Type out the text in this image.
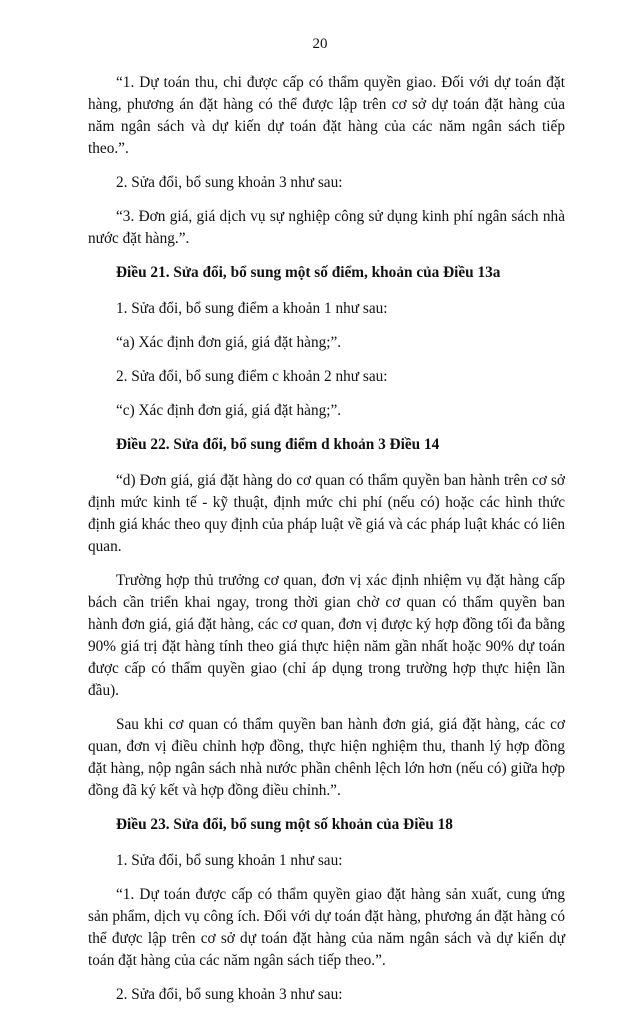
20

“1. Dự toán thu, chi được cấp có thẩm quyền giao. Đối với dự toán đặt hàng, phương án đặt hàng có thể được lập trên cơ sở dự toán đặt hàng của năm ngân sách và dự kiến dự toán đặt hàng của các năm ngân sách tiếp theo.”.

2. Sửa đổi, bổ sung khoản 3 như sau:

“3. Đơn giá, giá dịch vụ sự nghiệp công sử dụng kinh phí ngân sách nhà nước đặt hàng.”.

Điều 21. Sửa đổi, bổ sung một số điểm, khoản của Điều 13a

1. Sửa đổi, bổ sung điểm a khoản 1 như sau:

“a) Xác định đơn giá, giá đặt hàng;”.

2. Sửa đổi, bổ sung điểm c khoản 2 như sau:

“c) Xác định đơn giá, giá đặt hàng;”.

Điều 22. Sửa đổi, bổ sung điểm d khoản 3 Điều 14

“d) Đơn giá, giá đặt hàng do cơ quan có thẩm quyền ban hành trên cơ sở định mức kinh tế - kỹ thuật, định mức chi phí (nếu có) hoặc các hình thức định giá khác theo quy định của pháp luật về giá và các pháp luật khác có liên quan.

Trường hợp thủ trưởng cơ quan, đơn vị xác định nhiệm vụ đặt hàng cấp bách cần triển khai ngay, trong thời gian chờ cơ quan có thẩm quyền ban hành đơn giá, giá đặt hàng, các cơ quan, đơn vị được ký hợp đồng tối đa bằng 90% giá trị đặt hàng tính theo giá thực hiện năm gần nhất hoặc 90% dự toán được cấp có thẩm quyền giao (chỉ áp dụng trong trường hợp thực hiện lần đầu).

Sau khi cơ quan có thẩm quyền ban hành đơn giá, giá đặt hàng, các cơ quan, đơn vị điều chỉnh hợp đồng, thực hiện nghiệm thu, thanh lý hợp đồng đặt hàng, nộp ngân sách nhà nước phần chênh lệch lớn hơn (nếu có) giữa hợp đồng đã ký kết và hợp đồng điều chỉnh.”.

Điều 23. Sửa đổi, bổ sung một số khoản của Điều 18

1. Sửa đổi, bổ sung khoản 1 như sau:

“1. Dự toán được cấp có thẩm quyền giao đặt hàng sản xuất, cung ứng sản phẩm, dịch vụ công ích. Đối với dự toán đặt hàng, phương án đặt hàng có thể được lập trên cơ sở dự toán đặt hàng của năm ngân sách và dự kiến dự toán đặt hàng của các năm ngân sách tiếp theo.”.

2. Sửa đổi, bổ sung khoản 3 như sau:
